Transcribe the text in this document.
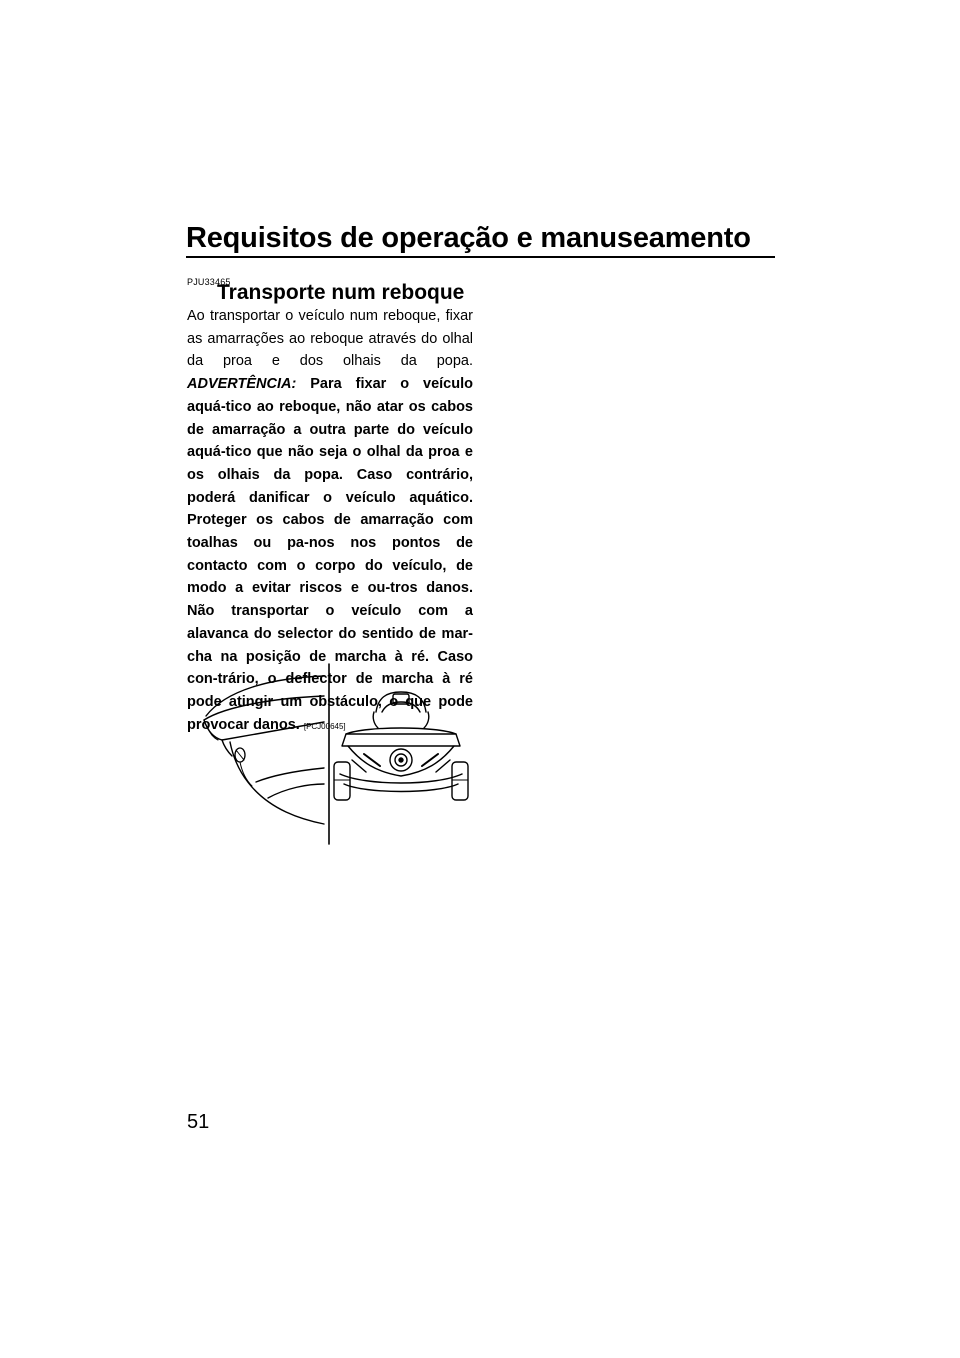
Requisitos de operação e manuseamento
PJU33465
Transporte num reboque

Ao transportar o veículo num reboque, fixar as amarrações ao reboque através do olhal da proa e dos olhais da popa. ADVERTÊNCIA: Para fixar o veículo aquá-tico ao reboque, não atar os cabos de amarração a outra parte do veículo aquá-tico que não seja o olhal da proa e os olhais da popa. Caso contrário, poderá danificar o veículo aquático. Proteger os cabos de amarração com toalhas ou pa-nos nos pontos de contacto com o corpo do veículo, de modo a evitar riscos e ou-tros danos. Não transportar o veículo com a alavanca do selector do sentido de mar-cha na posição de marcha à ré. Caso con-trário, o deflector de marcha à ré pode atingir um obstáculo, o que pode provocar danos. [PCJ00645]

51
